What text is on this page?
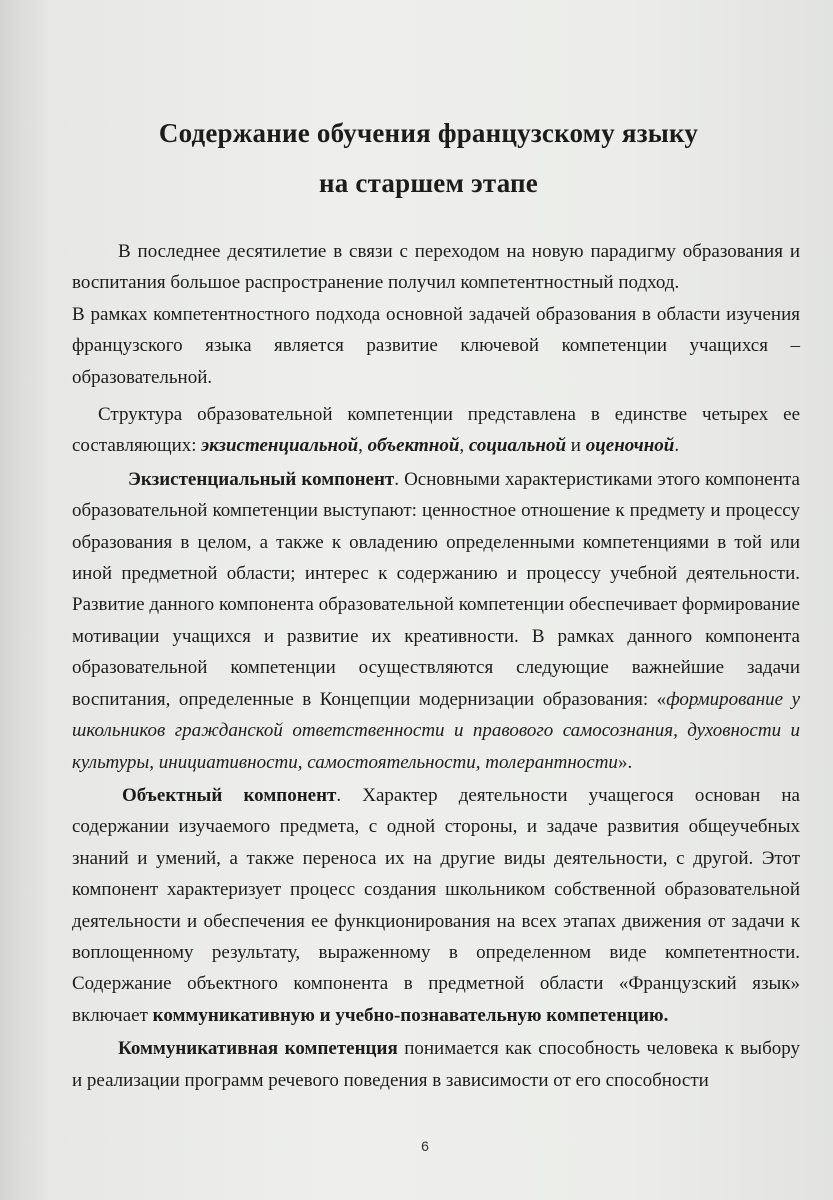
Содержание обучения французскому языку
на старшем этапе

В последнее десятилетие в связи с переходом на новую парадигму образования и воспитания большое распространение получил компетентностный подход.

В рамках компетентностного подхода основной задачей образования в области изучения французского языка является развитие ключевой компетенции учащихся – образовательной.

Структура образовательной компетенции представлена в единстве четырех ее составляющих: экзистенциальной, объектной, социальной и оценочной.

Экзистенциальный компонент. Основными характеристиками этого компонента образовательной компетенции выступают: ценностное отношение к предмету и процессу образования в целом, а также к овладению определенными компетенциями в той или иной предметной области; интерес к содержанию и процессу учебной деятельности. Развитие данного компонента образовательной компетенции обеспечивает формирование мотивации учащихся и развитие их креативности. В рамках данного компонента образовательной компетенции осуществляются следующие важнейшие задачи воспитания, определенные в Концепции модернизации образования: «формирование у школьников гражданской ответственности и правового самосознания, духовности и культуры, инициативности, самостоятельности, толерантности».

Объектный компонент. Характер деятельности учащегося основан на содержании изучаемого предмета, с одной стороны, и задаче развития общеучебных знаний и умений, а также переноса их на другие виды деятельности, с другой. Этот компонент характеризует процесс создания школьником собственной образовательной деятельности и обеспечения ее функционирования на всех этапах движения от задачи к воплощенному результату, выраженному в определенном виде компетентности. Содержание объектного компонента в предметной области «Французский язык» включает коммуникативную и учебно-познавательную компетенцию.

Коммуникативная компетенция понимается как способность человека к выбору и реализации программ речевого поведения в зависимости от его способности

6
